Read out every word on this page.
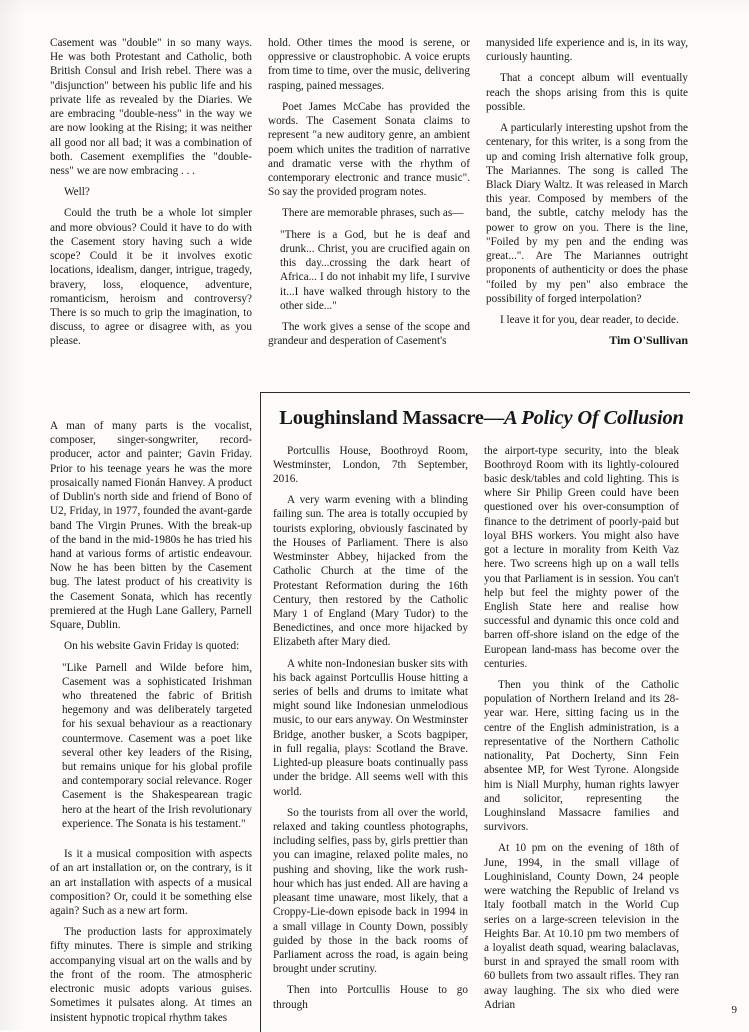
Casement was "double" in so many ways. He was both Protestant and Catholic, both British Consul and Irish rebel. There was a "disjunction" between his public life and his private life as revealed by the Diaries. We are embracing "double-ness" in the way we are now looking at the Rising; it was neither all good nor all bad; it was a combination of both. Casement exemplifies the "double-ness" we are now embracing . . .

Well?

Could the truth be a whole lot simpler and more obvious? Could it have to do with the Casement story having such a wide scope? Could it be it involves exotic locations, idealism, danger, intrigue, tragedy, bravery, loss, eloquence, adventure, romanticism, heroism and controversy? There is so much to grip the imagination, to discuss, to agree or disagree with, as you please.

hold. Other times the mood is serene, or oppressive or claustrophobic. A voice erupts from time to time, over the music, delivering rasping, pained messages.

Poet James McCabe has provided the words. The Casement Sonata claims to represent "a new auditory genre, an ambient poem which unites the tradition of narrative and dramatic verse with the rhythm of contemporary electronic and trance music". So say the provided program notes.

There are memorable phrases, such as—

"There is a God, but he is deaf and drunk... Christ, you are crucified again on this day...crossing the dark heart of Africa... I do not inhabit my life, I survive it...I have walked through history to the other side..."

The work gives a sense of the scope and grandeur and desperation of Casement's

manysided life experience and is, in its way, curiously haunting.

That a concept album will eventually reach the shops arising from this is quite possible.

A particularly interesting upshot from the centenary, for this writer, is a song from the up and coming Irish alternative folk group, The Mariannes. The song is called The Black Diary Waltz. It was released in March this year. Composed by members of the band, the subtle, catchy melody has the power to grow on you. There is the line, "Foiled by my pen and the ending was great...". Are The Mariannes outright proponents of authenticity or does the phase "foiled by my pen" also embrace the possibility of forged interpolation?

I leave it for you, dear reader, to decide.

Tim O'Sullivan

A man of many parts is the vocalist, composer, singer-songwriter, record-producer, actor and painter; Gavin Friday. Prior to his teenage years he was the more prosaically named Fionán Hanvey. A product of Dublin's north side and friend of Bono of U2, Friday, in 1977, founded the avant-garde band The Virgin Prunes. With the break-up of the band in the mid-1980s he has tried his hand at various forms of artistic endeavour. Now he has been bitten by the Casement bug. The latest product of his creativity is the Casement Sonata, which has recently premiered at the Hugh Lane Gallery, Parnell Square, Dublin.

On his website Gavin Friday is quoted:

"Like Parnell and Wilde before him, Casement was a sophisticated Irishman who threatened the fabric of British hegemony and was deliberately targeted for his sexual behaviour as a reactionary countermove. Casement was a poet like several other key leaders of the Rising, but remains unique for his global profile and contemporary social relevance. Roger Casement is the Shakespearean tragic hero at the heart of the Irish revolutionary experience. The Sonata is his testament."

Is it a musical composition with aspects of an art installation or, on the contrary, is it an art installation with aspects of a musical composition? Or, could it be something else again? Such as a new art form.

The production lasts for approximately fifty minutes. There is simple and striking accompanying visual art on the walls and by the front of the room. The atmospheric electronic music adopts various guises. Sometimes it pulsates along. At times an insistent hypnotic tropical rhythm takes

Loughinsland Massacre—A Policy Of Collusion

Portcullis House, Boothroyd Room, Westminster, London, 7th September, 2016.

A very warm evening with a blinding failing sun. The area is totally occupied by tourists exploring, obviously fascinated by the Houses of Parliament. There is also Westminster Abbey, hijacked from the Catholic Church at the time of the Protestant Reformation during the 16th Century, then restored by the Catholic Mary 1 of England (Mary Tudor) to the Benedictines, and once more hijacked by Elizabeth after Mary died.

A white non-Indonesian busker sits with his back against Portcullis House hitting a series of bells and drums to imitate what might sound like Indonesian unmelodious music, to our ears anyway. On Westminster Bridge, another busker, a Scots bagpiper, in full regalia, plays: Scotland the Brave. Lighted-up pleasure boats continually pass under the bridge. All seems well with this world.

So the tourists from all over the world, relaxed and taking countless photographs, including selfies, pass by, girls prettier than you can imagine, relaxed polite males, no pushing and shoving, like the work rush-hour which has just ended. All are having a pleasant time unaware, most likely, that a Croppy-Lie-down episode back in 1994 in a small village in County Down, possibly guided by those in the back rooms of Parliament across the road, is again being brought under scrutiny.

Then into Portcullis House to go through

the airport-type security, into the bleak Boothroyd Room with its lightly-coloured basic desk/tables and cold lighting. This is where Sir Philip Green could have been questioned over his over-consumption of finance to the detriment of poorly-paid but loyal BHS workers. You might also have got a lecture in morality from Keith Vaz here. Two screens high up on a wall tells you that Parliament is in session. You can't help but feel the mighty power of the English State here and realise how successful and dynamic this once cold and barren off-shore island on the edge of the European land-mass has become over the centuries.

Then you think of the Catholic population of Northern Ireland and its 28-year war. Here, sitting facing us in the centre of the English administration, is a representative of the Northern Catholic nationality, Pat Docherty, Sinn Fein absentee MP, for West Tyrone. Alongside him is Niall Murphy, human rights lawyer and solicitor, representing the Loughinsland Massacre families and survivors.

At 10 pm on the evening of 18th of June, 1994, in the small village of Loughinisland, County Down, 24 people were watching the Republic of Ireland vs Italy football match in the World Cup series on a large-screen television in the Heights Bar. At 10.10 pm two members of a loyalist death squad, wearing balaclavas, burst in and sprayed the small room with 60 bullets from two assault rifles. They ran away laughing. The six who died were Adrian	9
